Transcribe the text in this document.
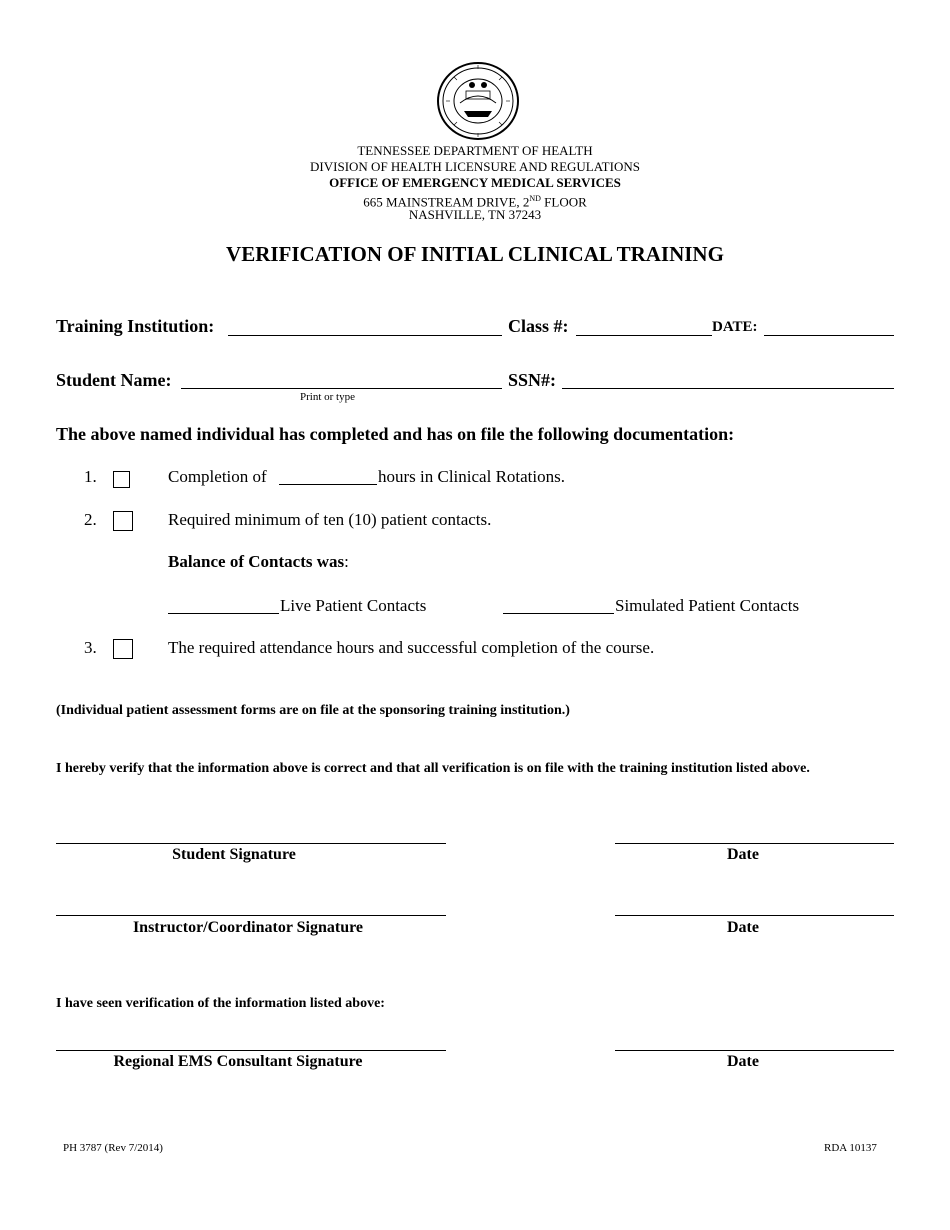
TENNESSEE DEPARTMENT OF HEALTH
DIVISION OF HEALTH LICENSURE AND REGULATIONS
OFFICE OF EMERGENCY MEDICAL SERVICES
665 MAINSTREAM DRIVE, 2ND FLOOR
NASHVILLE, TN 37243
VERIFICATION OF INITIAL CLINICAL TRAINING
Training Institution:	Class #:	DATE:
Student Name:
Print or type
SSN#:
The above named individual has completed and has on file the following documentation:
1.	Completion of	hours in Clinical Rotations.
2.	Required minimum of ten (10) patient contacts.
Balance of Contacts was:
Live Patient Contacts	Simulated Patient Contacts
3.	The required attendance hours and successful completion of the course.
(Individual patient assessment forms are on file at the sponsoring training institution.)
I hereby verify that the information above is correct and that all verification is on file with the training institution listed above.
Student Signature	Date
Instructor/Coordinator Signature	Date
I have seen verification of the information listed above:
Regional EMS Consultant Signature	Date
PH 3787 (Rev 7/2014)	RDA 10137
